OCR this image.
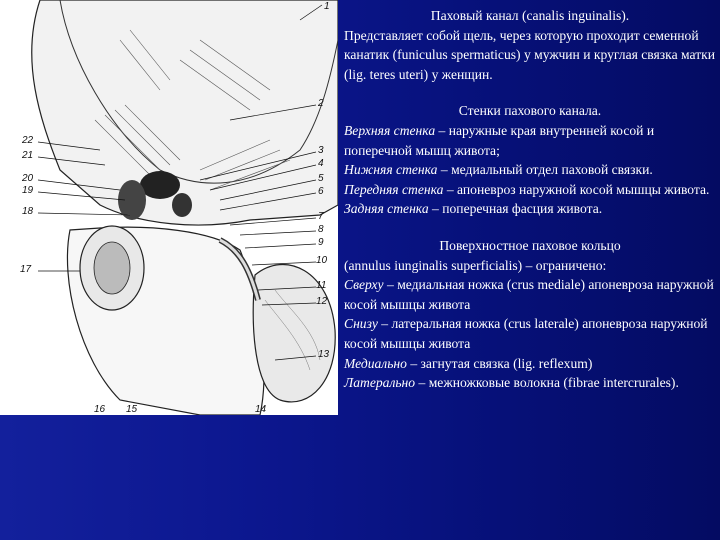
1
2
3
4
5
6
7
8
9
10
11
12
13
14
15
16
17
18
19
20
21
22

Паховый канал (canalis inguinalis).

Представляет собой щель, через которую проходит семенной канатик (funiculus spermaticus) у мужчин и круглая связка матки (lig. teres uteri) у женщин.

Стенки пахового канала.

Верхняя стенка – наружные края внутренней косой и поперечной мышц живота;

Нижняя стенка – медиальный отдел паховой связки.

Передняя стенка – апоневроз наружной косой мышцы живота.

Задняя стенка – поперечная фасция живота.

Поверхностное паховое кольцо

(annulus iunginalis superficialis) – ограничено:

Сверху – медиальная ножка (crus mediale) апоневроза наружной косой мышцы живота

Снизу – латеральная ножка (crus laterale) апоневроза наружной косой мышцы живота

Медиально – загнутая связка (lig. reflexum)

Латерально – межножковые волокна (fibrae intercrurales).
